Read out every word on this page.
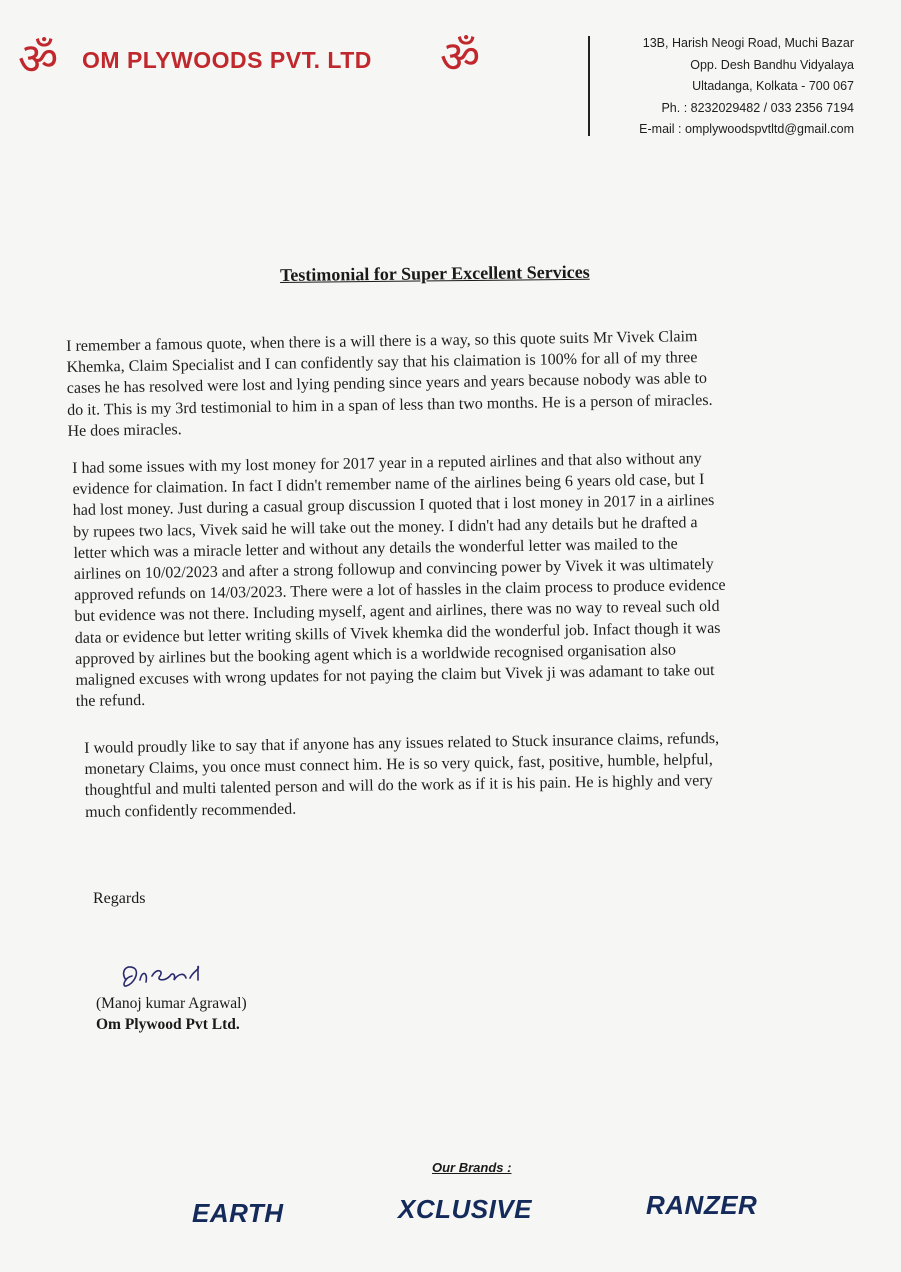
ॐ OM PLYWOODS PVT. LTD ॐ	13B, Harish Neogi Road, Muchi Bazar
Opp. Desh Bandhu Vidyalaya
Ultadanga, Kolkata - 700 067
Ph. : 8232029482 / 033 2356 7194
E-mail : omplywoodspvtltd@gmail.com
Testimonial for Super Excellent Services
I remember a famous quote, when there is a will there is a way, so this quote suits Mr Vivek Claim
Khemka, Claim Specialist and I can confidently say that his claimation is 100% for all of my three
cases he has resolved were lost and lying pending since years and years because nobody was able to
do it. This is my 3rd testimonial to him in a span of less than two months. He is a person of miracles.
He does miracles.
I had some issues with my lost money for 2017 year in a reputed airlines and that also without any
evidence for claimation. In fact I didn't remember name of the airlines being 6 years old case, but I
had lost money. Just during a casual group discussion I quoted that i lost money in 2017 in a airlines
by rupees two lacs, Vivek said he will take out the money. I didn't had any details but he drafted a
letter which was a miracle letter and without any details the wonderful letter was mailed to the
airlines on 10/02/2023 and after a strong followup and convincing power by Vivek it was ultimately
approved refunds on 14/03/2023. There were a lot of hassles in the claim process to produce evidence
but evidence was not there. Including myself, agent and airlines, there was no way to reveal such old
data or evidence but letter writing skills of Vivek khemka did the wonderful job. Infact though it was
approved by airlines but the booking agent which is a worldwide recognised organisation also
maligned excuses with wrong updates for not paying the claim but Vivek ji was adamant to take out
the refund.
I would proudly like to say that if anyone has any issues related to Stuck insurance claims, refunds,
monetary Claims, you once must connect him. He is so very quick, fast, positive, humble, helpful,
thoughtful and multi talented person and will do the work as if it is his pain. He is highly and very
much confidently recommended.
Regards
(Manoj kumar Agrawal)
Om Plywood Pvt Ltd.
Our Brands :
EARTH	XCLUSIVE	RANZER
